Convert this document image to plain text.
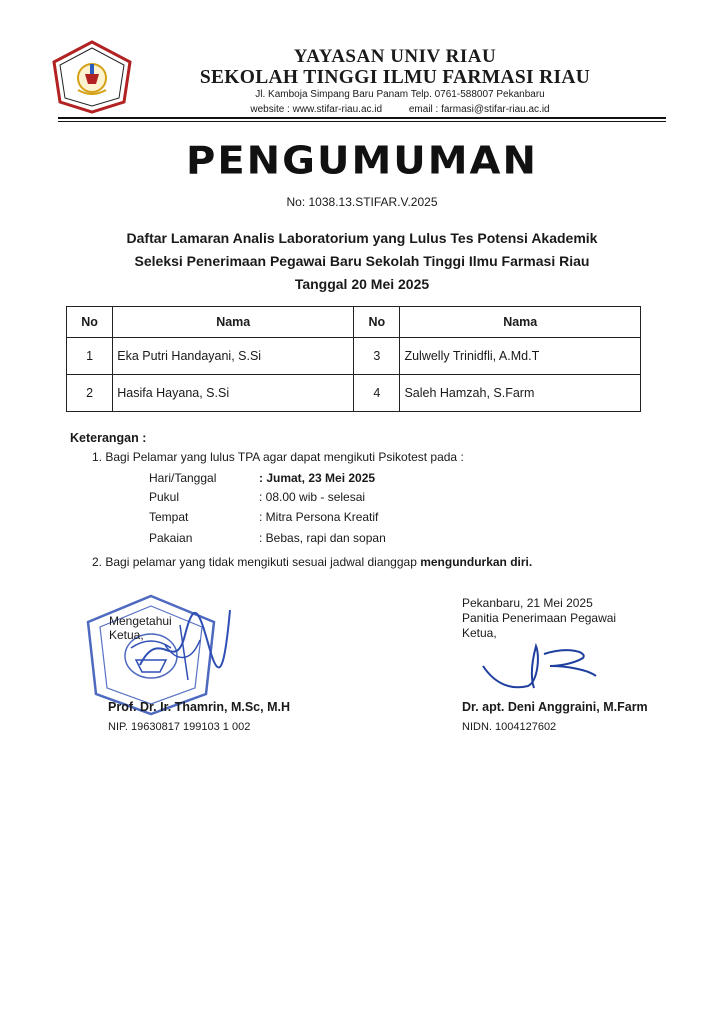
YAYASAN UNIV RIAU
SEKOLAH TINGGI ILMU FARMASI RIAU
Jl. Kamboja Simpang Baru Panam Telp. 0761-588007 Pekanbaru
website : www.stifar-riau.ac.id	email : farmasi@stifar-riau.ac.id
PENGUMUMAN
No: 1038.13.STIFAR.V.2025
Daftar Lamaran Analis Laboratorium yang Lulus Tes Potensi Akademik
Seleksi Penerimaan Pegawai Baru Sekolah Tinggi Ilmu Farmasi Riau
Tanggal 20 Mei 2025
No	Nama	No	Nama
1	Eka Putri Handayani, S.Si	3	Zulwelly Trinidfli, A.Md.T
2	Hasifa Hayana, S.Si	4	Saleh Hamzah, S.Farm
Keterangan :
1. Bagi Pelamar yang lulus TPA agar dapat mengikuti Psikotest pada :
Hari/Tanggal	: Jumat, 23 Mei 2025
Pukul	: 08.00 wib - selesai
Tempat	: Mitra Persona Kreatif
Pakaian	: Bebas, rapi dan sopan
2. Bagi pelamar yang tidak mengikuti sesuai jadwal dianggap mengundurkan diri.
Mengetahui
Ketua,
Prof. Dr. Ir. Thamrin, M.Sc, M.H
NIP. 19630817 199103 1 002
Pekanbaru, 21 Mei 2025
Panitia Penerimaan Pegawai
Ketua,
Dr. apt. Deni Anggraini, M.Farm
NIDN. 1004127602
